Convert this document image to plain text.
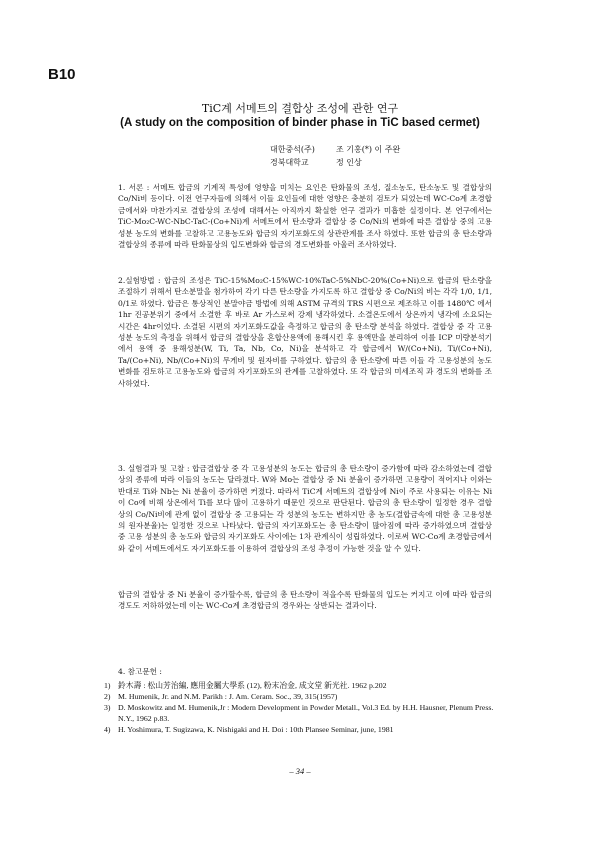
B10
TiC계 서메트의 결합상 조성에 관한 연구
(A study on the composition of binder phase in TiC based cermet)
대한중석(주)	조 기홍(*) 이 주완
경북대학교	정 인상

1. 서론 : 서메트 합금의 기계적 특성에 영향을 미치는 요인은 탄화물의 조성, 질소농도, 탄소농도 및 결합상의 Co/Ni비 등이다. 이전 연구자들에 의해서 이들 요인들에 대한 영향은 충분히 검토가 되었는데 WC-Co계 초경합금에서와 마찬가지로 결합상의 조성에 대해서는 아직까지 확실한 연구 결과가 미흡한 실정이다. 본 연구에서는 TiC-Mo₂C-WC-NbC-TaC-(Co+Ni)계 서메트에서 탄소량과 결합상 중 Co/Ni의 변화에 따른 결합상 중의 고용성분 농도의 변화를 고찰하고 고용농도와 합금의 자기포화도의 상관관계를 조사 하였다. 또한 합금의 총 탄소량과 결합상의 종류에 따라 탄화물상의 입도변화와 합금의 경도변화를 아울러 조사하였다.

2.실험방법 : 합금의 조성은 TiC-15%Mo₂C-15%WC-10%TaC-5%NbC-20%(Co+Ni)으로 합금의 탄소량을 조절하기 위해서 탄소분말을 첨가하여 각기 다른 탄소량을 가지도록 하고 결합상 중 Co/Ni의 비는 각각 1/0, 1/1, 0/1로 하였다. 합금은 통상적인 분말야금 방법에 의해 ASTM 규격의 TRS 시편으로 제조하고 이를 1480℃ 에서 1hr 진공분위기 중에서 소결한 후 바로 Ar 가스로써 강제 냉각하였다. 소결온도에서 상온까지 냉각에 소요되는 시간은 4hr이었다. 소결된 시편의 자기포화도값을 측정하고 합금의 총 탄소량 분석을 하였다. 결합상 중 각 고용성분 농도의 측정을 위해서 합금의 결합상을 혼합산용액에 용해시킨 후 용액만을 분리하여 이를 ICP 미량분석기에서 용액 중 용해성분(W, Ti, Ta, Nb, Co, Ni)을 분석하고 각 합금에서 W/(Co+Ni), Ti/(Co+Ni), Ta/(Co+Ni), Nb/(Co+Ni)의 무게비 및 원자비를 구하였다. 합금의 총 탄소량에 따른 이들 각 고용성분의 농도변화를 검토하고 고용농도와 합금의 자기포화도의 관계를 고찰하였다. 또 각 합금의 미세조직 과 경도의 변화를 조사하였다.

3. 실험결과 및 고찰 : 합금결합상 중 각 고용성분의 농도는 합금의 총 탄소량이 증가함에 따라 감소하였는데 결합상의 종류에 따라 이들의 농도는 달라졌다. W와 Mo는 결합상 중 Ni 분율이 증가하면 고용량이 적어지나 이와는 반대로 Ti와 Nb는 Ni 분율이 증가하면 커졌다. 따라서 TiC계 서메트의 결합상에 Ni이 주로 사용되는 이유는 Ni이 Co에 비해 상온에서 Ti를 보다 많이 고용하기 때문인 것으로 판단된다. 합금의 총 탄소량이 일정한 경우 결합상의 Co/Ni비에 관계 없이 결합상 중 고용되는 각 성분의 농도는 변하지만 총 농도(결합금속에 대한 총 고용성분의 원자분율)는 일정한 것으로 나타났다. 합금의 자기포화도는 총 탄소량이 많아짐에 따라 증가하였으며 결합상 중 고용 성분의 총 농도와 합금의 자기포화도 사이에는 1차 관계식이 성립하였다. 이로써 WC-Co계 초경합금에서와 같이 서메트에서도 자기포화도를 이용하여 결합상의 조성 추정이 가능한 것을 알 수 있다.

합금의 결합상 중 Ni 분율이 증가할수록, 합금의 총 탄소량이 적을수록 탄화물의 입도는 커지고 이에 따라 합금의 경도도 저하하였는데 이는 WC-Co계 초경합금의 경우와는 상반되는 결과이다.

4. 참고문헌 :
1) 鈴木壽 : 松山芳治編, 應用金屬大學系 (12), 粉末冶金, 成文堂 新光社. 1962 p.202
2) M. Humenik, Jr. and N.M. Parikh : J. Am. Ceram. Soc., 39, 315(1957)
3) D. Moskowitz and M. Humenik,Jr : Modern Development in Powder Metall., Vol.3 Ed. by H.H. Hausner, Plenum Press. N.Y., 1962 p.83.
4) H. Yoshimura, T. Sugizawa, K. Nishigaki and H. Doi : 10th Plansee Seminar, june, 1981
– 34 –
